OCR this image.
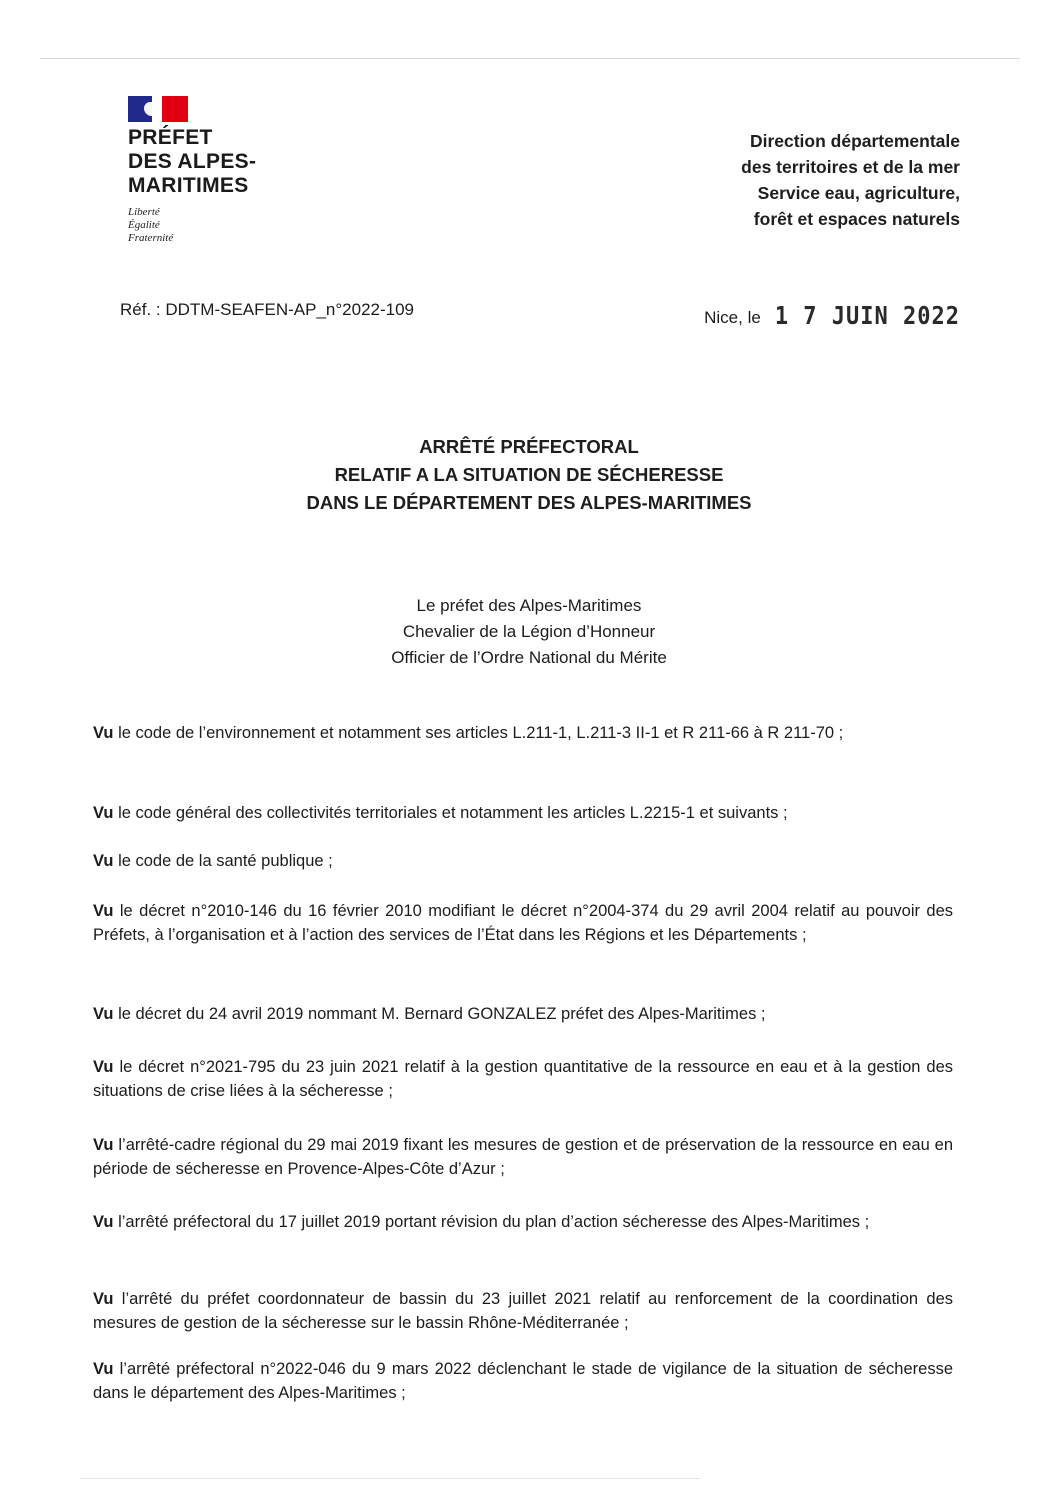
PRÉFET
DES ALPES-
MARITIMES
Liberté
Égalité
Fraternité
Direction départementale
des territoires et de la mer
Service eau, agriculture,
forêt et espaces naturels
Réf. : DDTM-SEAFEN-AP_n°2022-109	Nice, le 1 7 JUIN 2022
ARRÊTÉ PRÉFECTORAL
RELATIF A LA SITUATION DE SÉCHERESSE
DANS LE DÉPARTEMENT DES ALPES-MARITIMES
Le préfet des Alpes-Maritimes
Chevalier de la Légion d’Honneur
Officier de l’Ordre National du Mérite

Vu le code de l’environnement et notamment ses articles L.211-1, L.211-3 II-1 et R 211-66 à R 211-70 ;

Vu le code général des collectivités territoriales et notamment les articles L.2215-1 et suivants ;

Vu le code de la santé publique ;

Vu le décret n°2010-146 du 16 février 2010 modifiant le décret n°2004-374 du 29 avril 2004 relatif au pouvoir des Préfets, à l’organisation et à l’action des services de l’État dans les Régions et les Départements ;

Vu le décret du 24 avril 2019 nommant M. Bernard GONZALEZ préfet des Alpes-Maritimes ;

Vu le décret n°2021-795 du 23 juin 2021 relatif à la gestion quantitative de la ressource en eau et à la gestion des situations de crise liées à la sécheresse ;

Vu l’arrêté-cadre régional du 29 mai 2019 fixant les mesures de gestion et de préservation de la ressource en eau en période de sécheresse en Provence-Alpes-Côte d’Azur ;

Vu l’arrêté préfectoral du 17 juillet 2019 portant révision du plan d’action sécheresse des Alpes-Maritimes ;

Vu l’arrêté du préfet coordonnateur de bassin du 23 juillet 2021 relatif au renforcement de la coordination des mesures de gestion de la sécheresse sur le bassin Rhône-Méditerranée ;

Vu l’arrêté préfectoral n°2022-046 du 9 mars 2022 déclenchant le stade de vigilance de la situation de sécheresse dans le département des Alpes-Maritimes ;
